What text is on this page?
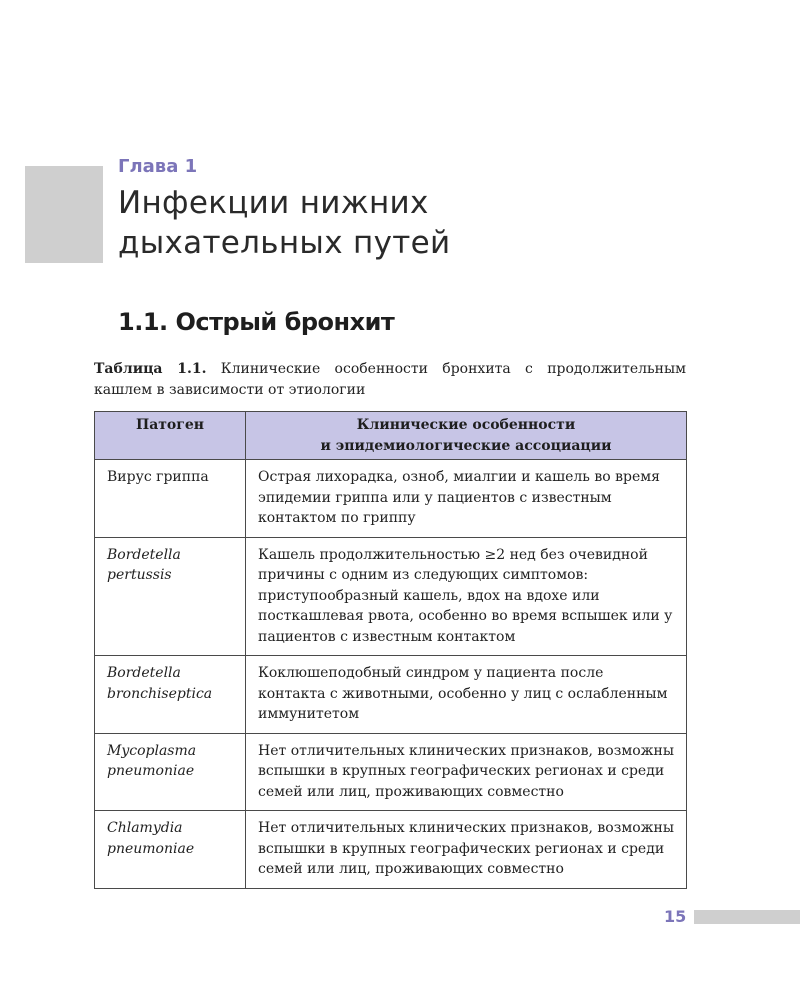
Глава 1
Инфекции нижних
дыхательных путей
1.1. Острый бронхит
Таблица 1.1. Клинические особенности бронхита с продолжительным кашлем в зависимости от этиологии
Патоген	Клинические особенности
и эпидемиологические ассоциации

Вирус гриппа	Острая лихорадка, озноб, миалгии и кашель во время эпидемии гриппа или у пациентов с известным контактом по гриппу
Bordetella pertussis	Кашель продолжительностью ≥2 нед без очевидной причины с одним из следующих симптомов: приступообразный кашель, вдох на вдохе или посткашлевая рвота, особенно во время вспышек или у пациентов с известным контактом
Bordetella bronchiseptica	Коклюшеподобный синдром у пациента после контакта с животными, особенно у лиц с ослабленным иммунитетом
Mycoplasma pneumoniae	Нет отличительных клинических признаков, возможны вспышки в крупных географических регионах и среди семей или лиц, проживающих совместно
Chlamydia pneumoniae	Нет отличительных клинических признаков, возможны вспышки в крупных географических регионах и среди семей или лиц, проживающих совместно
15
